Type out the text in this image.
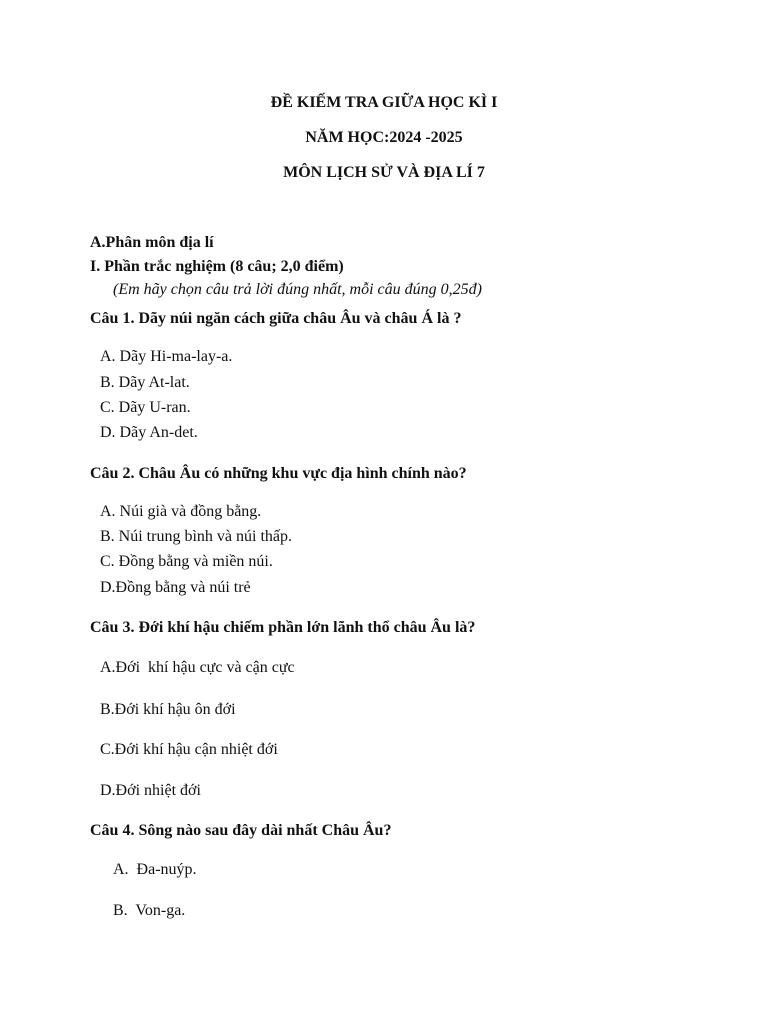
ĐỀ KIẾM TRA GIỮA HỌC KÌ I
NĂM HỌC:2024 -2025
MÔN LỊCH SỬ VÀ ĐỊA LÍ 7
A.Phân môn địa lí
I. Phần trắc nghiệm (8 câu; 2,0 điểm)
(Em hãy chọn câu trả lời đúng nhất, mỗi câu đúng 0,25đ)
Câu 1. Dãy núi ngăn cách giữa châu Âu và châu Á là ?
A. Dãy Hi-ma-lay-a.
B. Dãy At-lat.
C. Dãy U-ran.
D. Dãy An-det.
Câu 2. Châu Âu có những khu vực địa hình chính nào?
A. Núi già và đồng bằng.
B. Núi trung bình và núi thấp.
C. Đồng bằng và miền núi.
D.Đồng bằng và núi trẻ
Câu 3. Đới khí hậu chiếm phần lớn lãnh thổ châu Âu là?
A.Đới  khí hậu cực và cận cực
B.Đới khí hậu ôn đới
C.Đới khí hậu cận nhiệt đới
D.Đới nhiệt đới
Câu 4. Sông nào sau đây dài nhất Châu Âu?
A.  Đa-nuýp.
B.  Von-ga.
